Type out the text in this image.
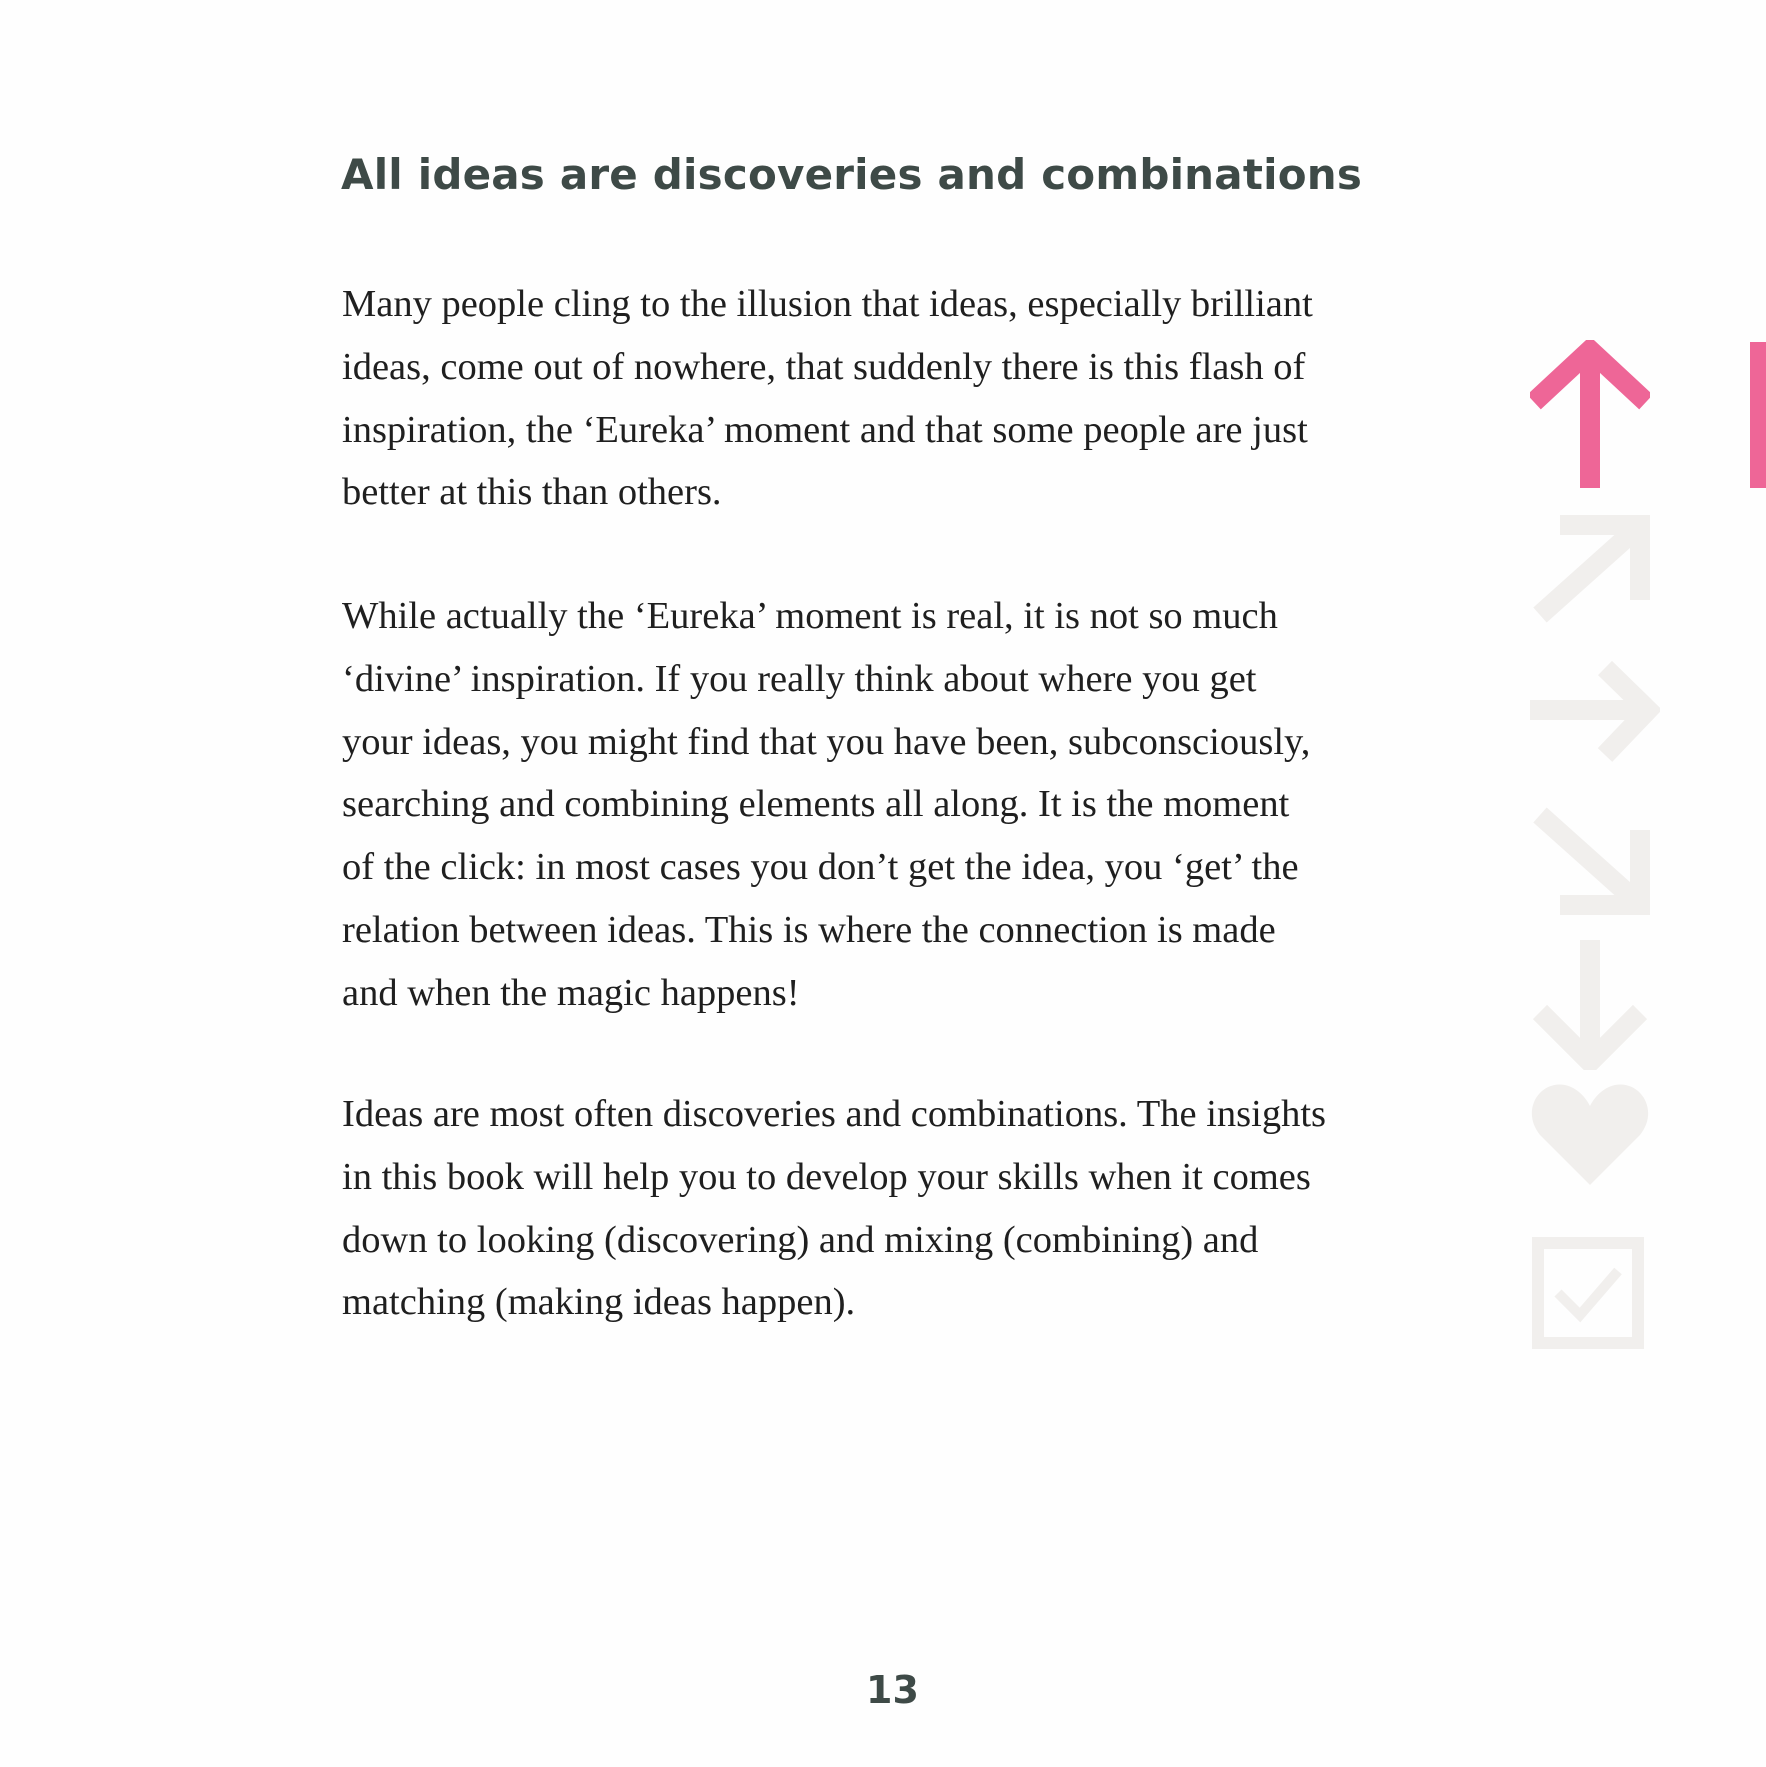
All ideas are discoveries and combinations
Many people cling to the illusion that ideas, especially brilliant
ideas, come out of nowhere, that suddenly there is this flash of
inspiration, the ‘Eureka’ moment and that some people are just
better at this than others.
While actually the ‘Eureka’ moment is real, it is not so much
‘divine’ inspiration. If you really think about where you get
your ideas, you might find that you have been, subconsciously,
searching and combining elements all along. It is the moment
of the click: in most cases you don’t get the idea, you ‘get’ the
relation between ideas. This is where the connection is made
and when the magic happens!
Ideas are most often discoveries and combinations. The insights
in this book will help you to develop your skills when it comes
down to looking (discovering) and mixing (combining) and
matching (making ideas happen).
13
